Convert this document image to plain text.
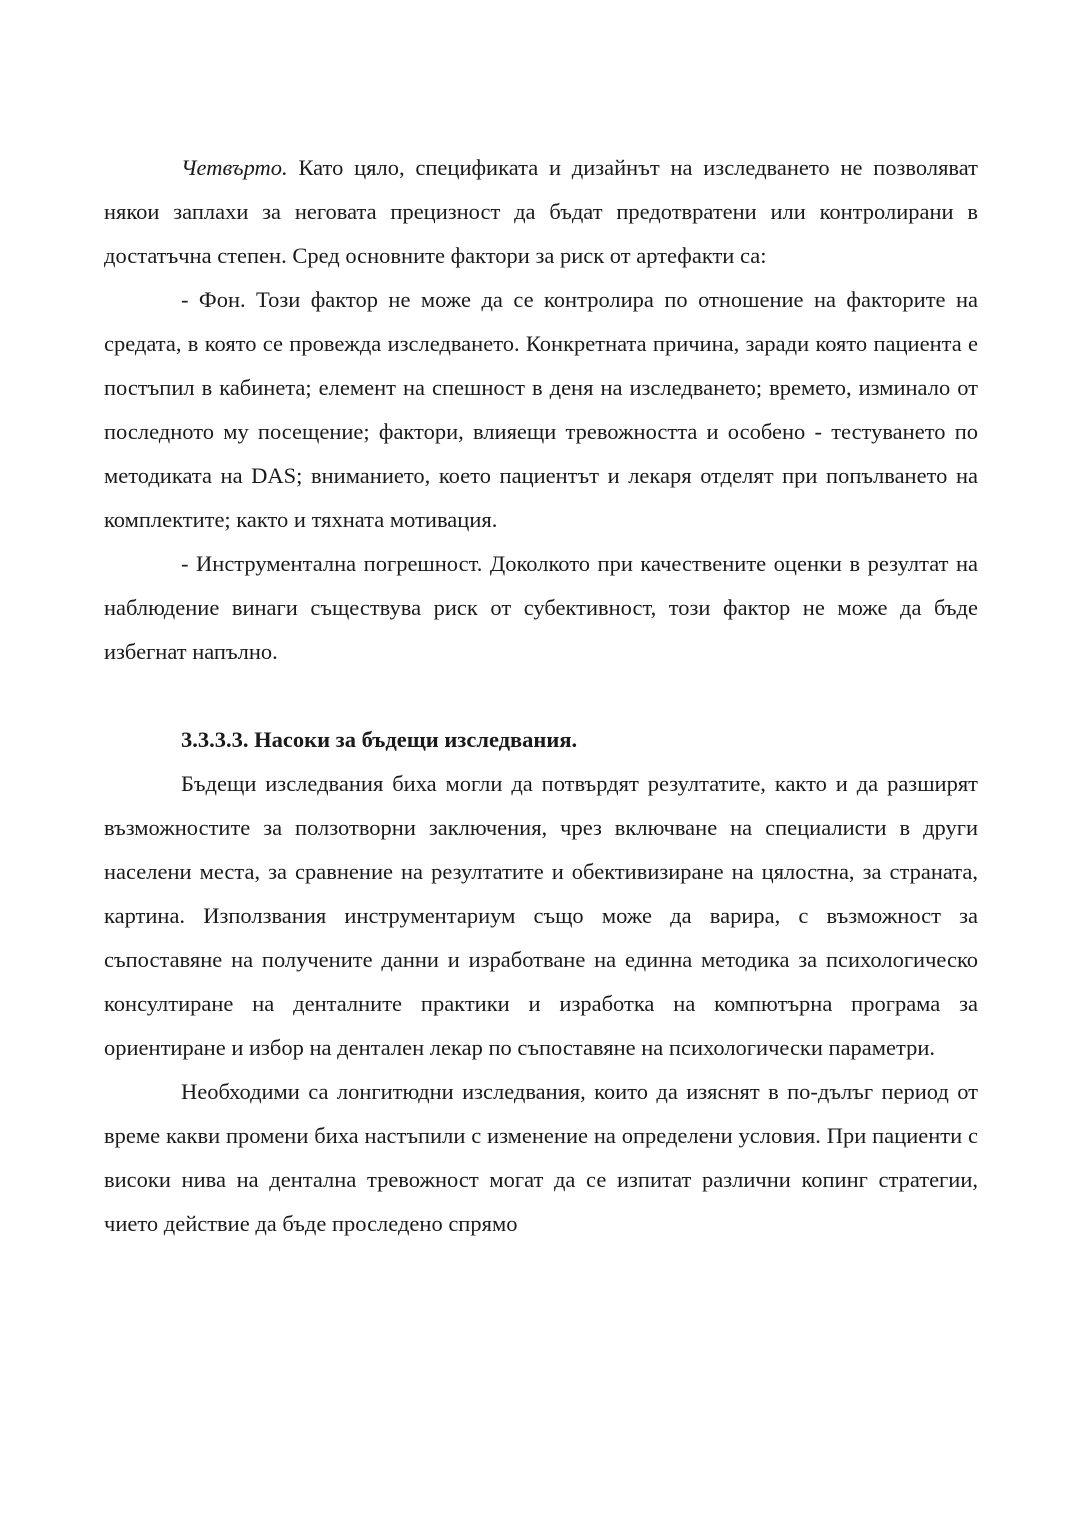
Четвърто. Като цяло, спецификата и дизайнът на изследването не позволяват някои заплахи за неговата прецизност да бъдат предотвратени или контролирани в достатъчна степен. Сред основните фактори за риск от артефакти са:

- Фон. Този фактор не може да се контролира по отношение на факторите на средата, в която се провежда изследването. Конкретната причина, заради която пациента е постъпил в кабинета; елемент на спешност в деня на изследването; времето, изминало от последното му посещение; фактори, влияещи тревожността и особено - тестуването по методиката на DAS; вниманието, което пациентът и лекаря отделят при попълването на комплектите; както и тяхната мотивация.

- Инструментална погрешност. Доколкото при качествените оценки в резултат на наблюдение винаги съществува риск от субективност, този фактор не може да бъде избегнат напълно.

3.3.3.3. Насоки за бъдещи изследвания.

Бъдещи изследвания биха могли да потвърдят резултатите, както и да разширят възможностите за ползотворни заключения, чрез включване на специалисти в други населени места, за сравнение на резултатите и обективизиране на цялостна, за страната, картина. Използвания инструментариум също може да варира, с възможност за съпоставяне на получените данни и изработване на единна методика за психологическо консултиране на денталните практики и изработка на компютърна програма за ориентиране и избор на дентален лекар по съпоставяне на психологически параметри.

Необходими са лонгитюдни изследвания, които да изяснят в по-дълъг период от време какви промени биха настъпили с изменение на определени условия. При пациенти с високи нива на дентална тревожност могат да се изпитат различни копинг стратегии, чието действие да бъде проследено спрямо
